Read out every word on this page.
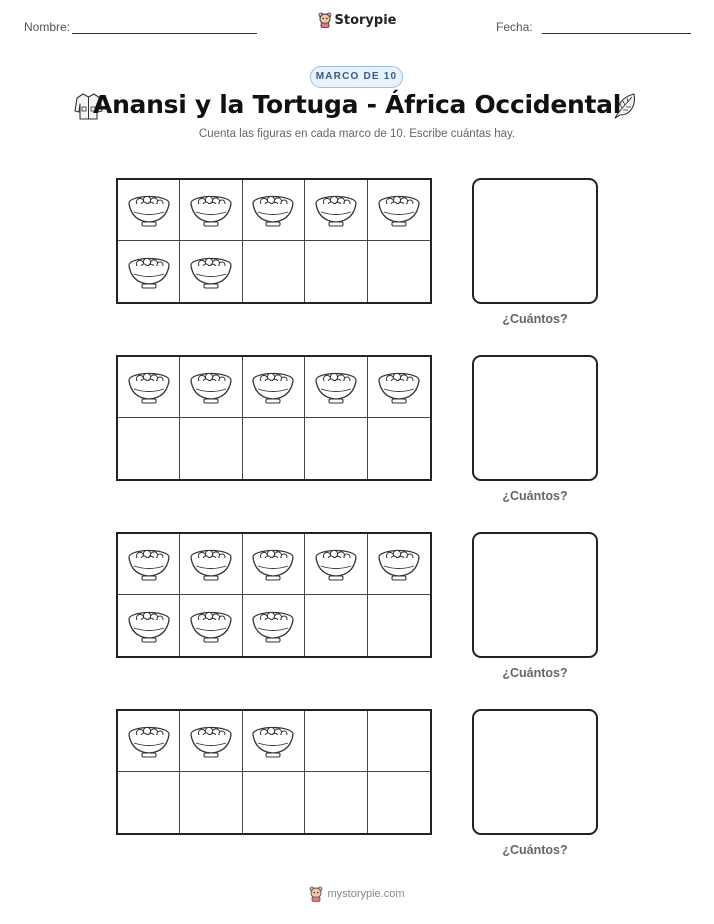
Nombre:	Fecha:
Storypie
MARCO DE 10
Anansi y la Tortuga - África Occidental
Cuenta las figuras en cada marco de 10. Escribe cuántas hay.
¿Cuántos?
¿Cuántos?
¿Cuántos?
¿Cuántos?
mystorypie.com
